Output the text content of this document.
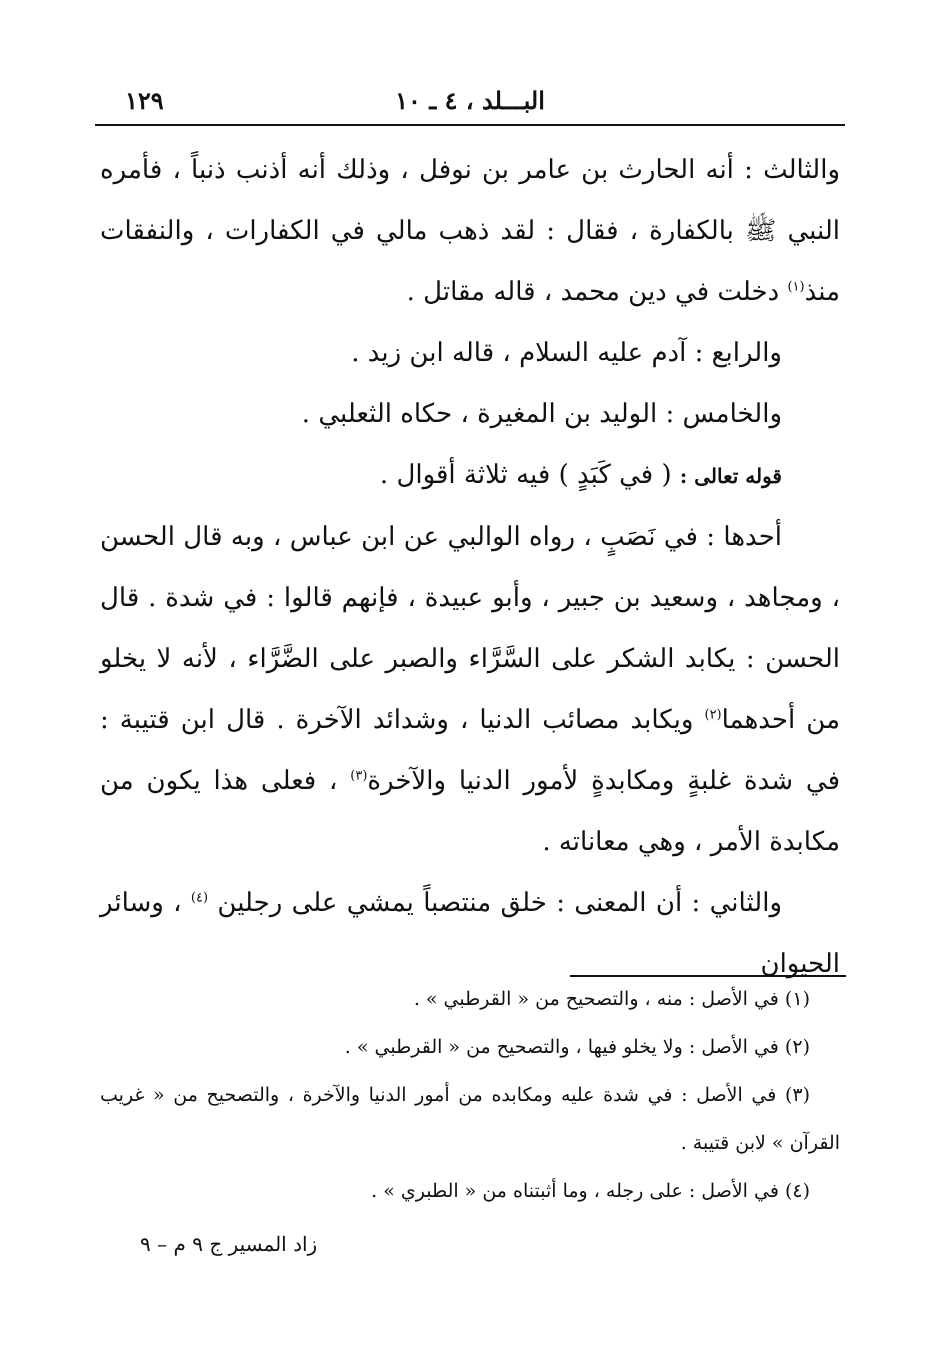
البـــلد ، ٤ ـ ١٠
١٢٩

والثالث : أنه الحارث بن عامر بن نوفل ، وذلك أنه أذنب ذنباً ، فأمره النبي ﷺ بالكفارة ، فقال : لقد ذهب مالي في الكفارات ، والنفقات منذ$^{(١)}$ دخلت في دين محمد ، قاله مقاتل .

والرابع : آدم عليه السلام ، قاله ابن زيد .

والخامس : الوليد بن المغيرة ، حكاه الثعلبي .

قوله تعالى : ( في كَبَدٍ ) فيه ثلاثة أقوال .

أحدها : في نَصَبٍ ، رواه الوالبي عن ابن عباس ، وبه قال الحسن ، ومجاهد ، وسعيد بن جبير ، وأبو عبيدة ، فإنهم قالوا : في شدة . قال الحسن : يكابد الشكر على السَّرَّاء والصبر على الضَّرَّاء ، لأنه لا يخلو من أحدهما$^{(٢)}$ ويكابد مصائب الدنيا ، وشدائد الآخرة . قال ابن قتيبة : في شدة غلبةٍ ومكابدةٍ لأمور الدنيا والآخرة$^{(٣)}$ ، فعلى هذا يكون من مكابدة الأمر ، وهي معاناته .

والثاني : أن المعنى : خلق منتصباً يمشي على رجلين $^{(٤)}$ ، وسائر الحيوان

(١) في الأصل : منه ، والتصحيح من « القرطبي » .

(٢) في الأصل : ولا يخلو فيها ، والتصحيح من « القرطبي » .

(٣) في الأصل : في شدة عليه ومكابده من أمور الدنيا والآخرة ، والتصحيح من « غريب القرآن » لابن قتيبة .

(٤) في الأصل : على رجله ، وما أثبتناه من « الطبري » .

زاد المسير ج ٩ م – ٩
